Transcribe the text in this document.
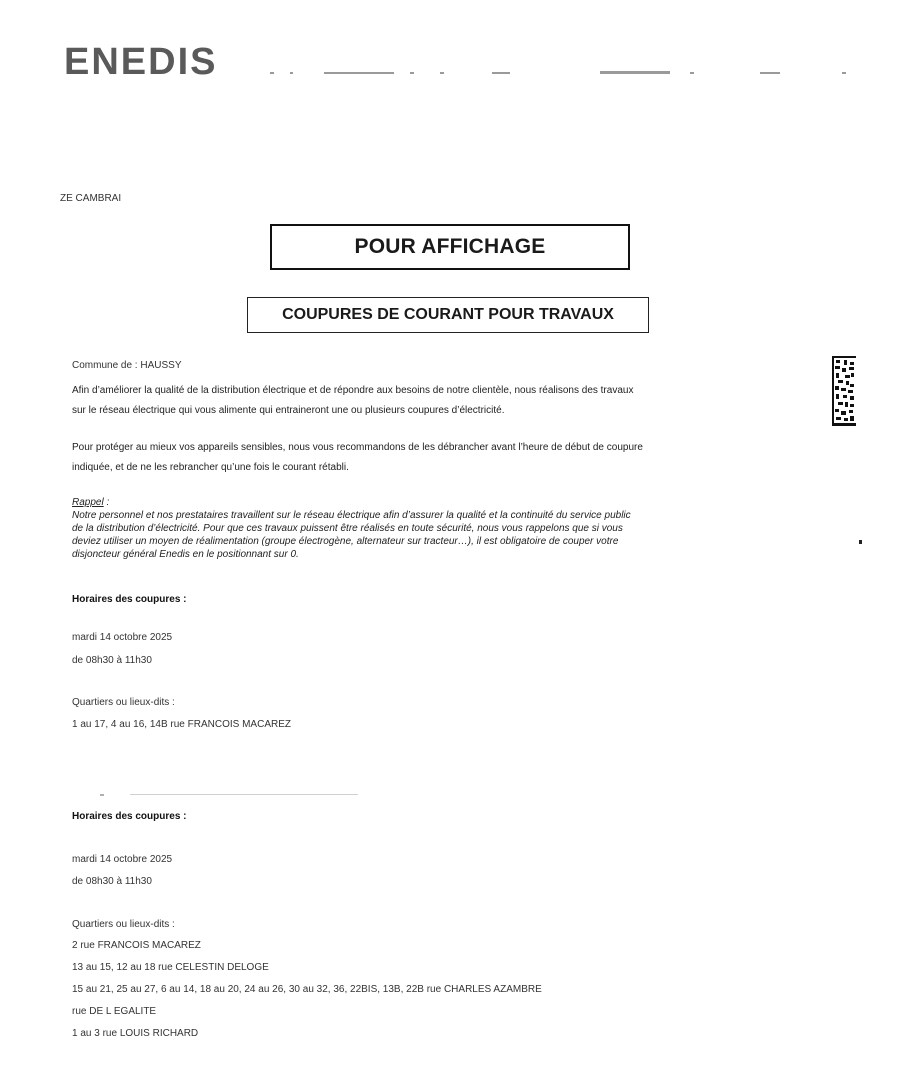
ENEDIS
ZE CAMBRAI
POUR AFFICHAGE
COUPURES DE COURANT POUR TRAVAUX
Commune de : HAUSSY
Afin d’améliorer la qualité de la distribution électrique et de répondre aux besoins de notre clientèle, nous réalisons des travaux
sur le réseau électrique qui vous alimente qui entraineront une ou plusieurs coupures d’électricité.
Pour protéger au mieux vos appareils sensibles, nous vous recommandons de les débrancher avant l’heure de début de coupure
indiquée, et de ne les rebrancher qu’une fois le courant rétabli.
Rappel :
Notre personnel et nos prestataires travaillent sur le réseau électrique afin d’assurer la qualité et la continuité du service public
de la distribution d’électricité. Pour que ces travaux puissent être réalisés en toute sécurité, nous vous rappelons que si vous
deviez utiliser un moyen de réalimentation (groupe électrogène, alternateur sur tracteur…), il est obligatoire de couper votre
disjoncteur général Enedis en le positionnant sur 0.
Horaires des coupures :
mardi 14 octobre 2025
de 08h30 à 11h30
Quartiers ou lieux-dits :
1 au 17, 4 au 16, 14B rue FRANCOIS MACAREZ
Horaires des coupures :
mardi 14 octobre 2025
de 08h30 à 11h30
Quartiers ou lieux-dits :
2 rue FRANCOIS MACAREZ
13 au 15, 12 au 18 rue CELESTIN DELOGE
15 au 21, 25 au 27, 6 au 14, 18 au 20, 24 au 26, 30 au 32, 36, 22BIS, 13B, 22B rue CHARLES AZAMBRE
rue DE L EGALITE
1 au 3 rue LOUIS RICHARD
